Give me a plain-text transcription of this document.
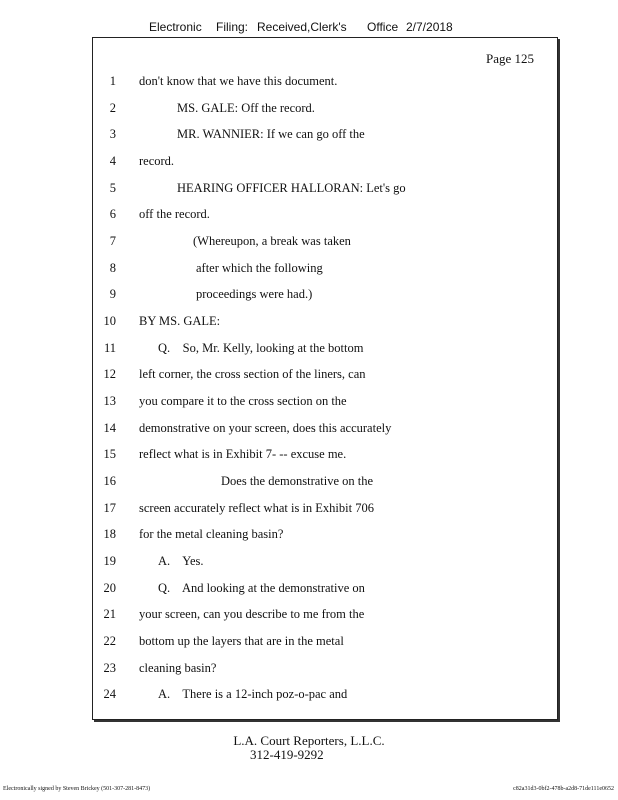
Electronic Filing: Received,Clerk's Office 2/7/2018
Page 125
1 don't know that we have this document.
2	MS. GALE: Off the record.
3	MR. WANNIER: If we can go off the
4 record.
5	HEARING OFFICER HALLORAN: Let's go
6 off the record.
7	(Whereupon, a break was taken
8	after which the following
9	proceedings were had.)
10 BY MS. GALE:
11	Q.    So, Mr. Kelly, looking at the bottom
12 left corner, the cross section of the liners, can
13 you compare it to the cross section on the
14 demonstrative on your screen, does this accurately
15 reflect what is in Exhibit 7- -- excuse me.
16	Does the demonstrative on the
17 screen accurately reflect what is in Exhibit 706
18 for the metal cleaning basin?
19	A.    Yes.
20	Q.    And looking at the demonstrative on
21 your screen, can you describe to me from the
22 bottom up the layers that are in the metal
23 cleaning basin?
24	A.    There is a 12-inch poz-o-pac and
L.A. Court Reporters, L.L.C.
312-419-9292
Electronically signed by Steven Brickey (501-307-281-8473)	c82a31d3-0bf2-478b-a2d8-71de111e0652
